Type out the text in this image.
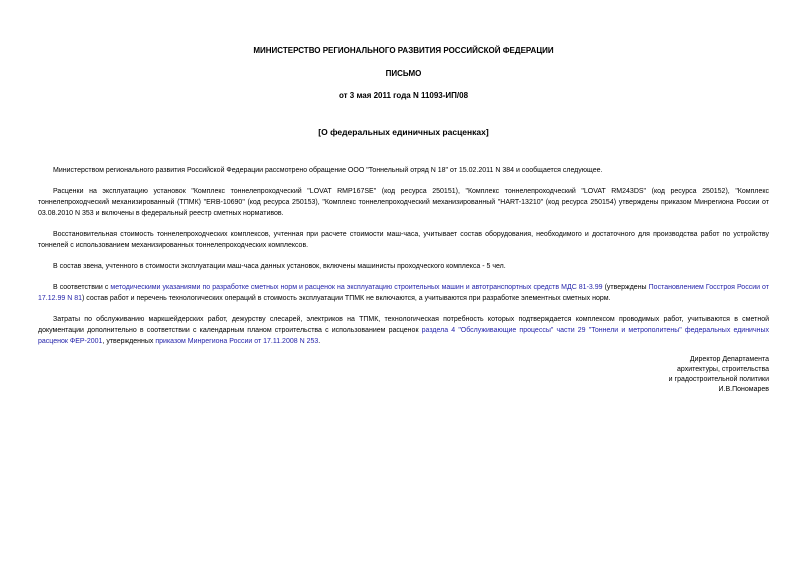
МИНИСТЕРСТВО РЕГИОНАЛЬНОГО РАЗВИТИЯ РОССИЙСКОЙ ФЕДЕРАЦИИ
ПИСЬМО
от 3 мая 2011 года N 11093-ИП/08
[О федеральных единичных расценках]

Министерством регионального развития Российской Федерации рассмотрено обращение ООО "Тоннельный отряд N 18" от 15.02.2011 N 384 и сообщается следующее.

Расценки на эксплуатацию установок "Комплекс тоннелепроходческий "LOVAT RMP167SE" (код ресурса 250151), "Комплекс тоннелепроходческий "LOVAT RM243DS" (код ресурса 250152), "Комплекс тоннелепроходческий механизированный (ТПМК) "ERB-10690" (код ресурса 250153), "Комплекс тоннелепроходческий механизированный "HART-13210" (код ресурса 250154) утверждены приказом Минрегиона России от 03.08.2010 N 353 и включены в федеральный реестр сметных нормативов.

Восстановительная стоимость тоннелепроходческих комплексов, учтенная при расчете стоимости маш-часа, учитывает состав оборудования, необходимого и достаточного для производства работ по устройству тоннелей с использованием механизированных тоннелепроходческих комплексов.

В состав звена, учтенного в стоимости эксплуатации маш-часа данных установок, включены машинисты проходческого комплекса - 5 чел.

В соответствии с методическими указаниями по разработке сметных норм и расценок на эксплуатацию строительных машин и автотранспортных средств МДС 81-3.99 (утверждены Постановлением Госстроя России от 17.12.99 N 81) состав работ и перечень технологических операций в стоимость эксплуатации ТПМК не включаются, а учитываются при разработке элементных сметных норм.

Затраты по обслуживанию маркшейдерских работ, дежурству слесарей, электриков на ТПМК, технологическая потребность которых подтверждается комплексом проводимых работ, учитываются в сметной документации дополнительно в соответствии с календарным планом строительства с использованием расценок раздела 4 "Обслуживающие процессы" части 29 "Тоннели и метрополитены" федеральных единичных расценок ФЕР-2001, утвержденных приказом Минрегиона России от 17.11.2008 N 253.

Директор Департамента
архитектуры, строительства
и градостроительной политики
И.В.Пономарев
